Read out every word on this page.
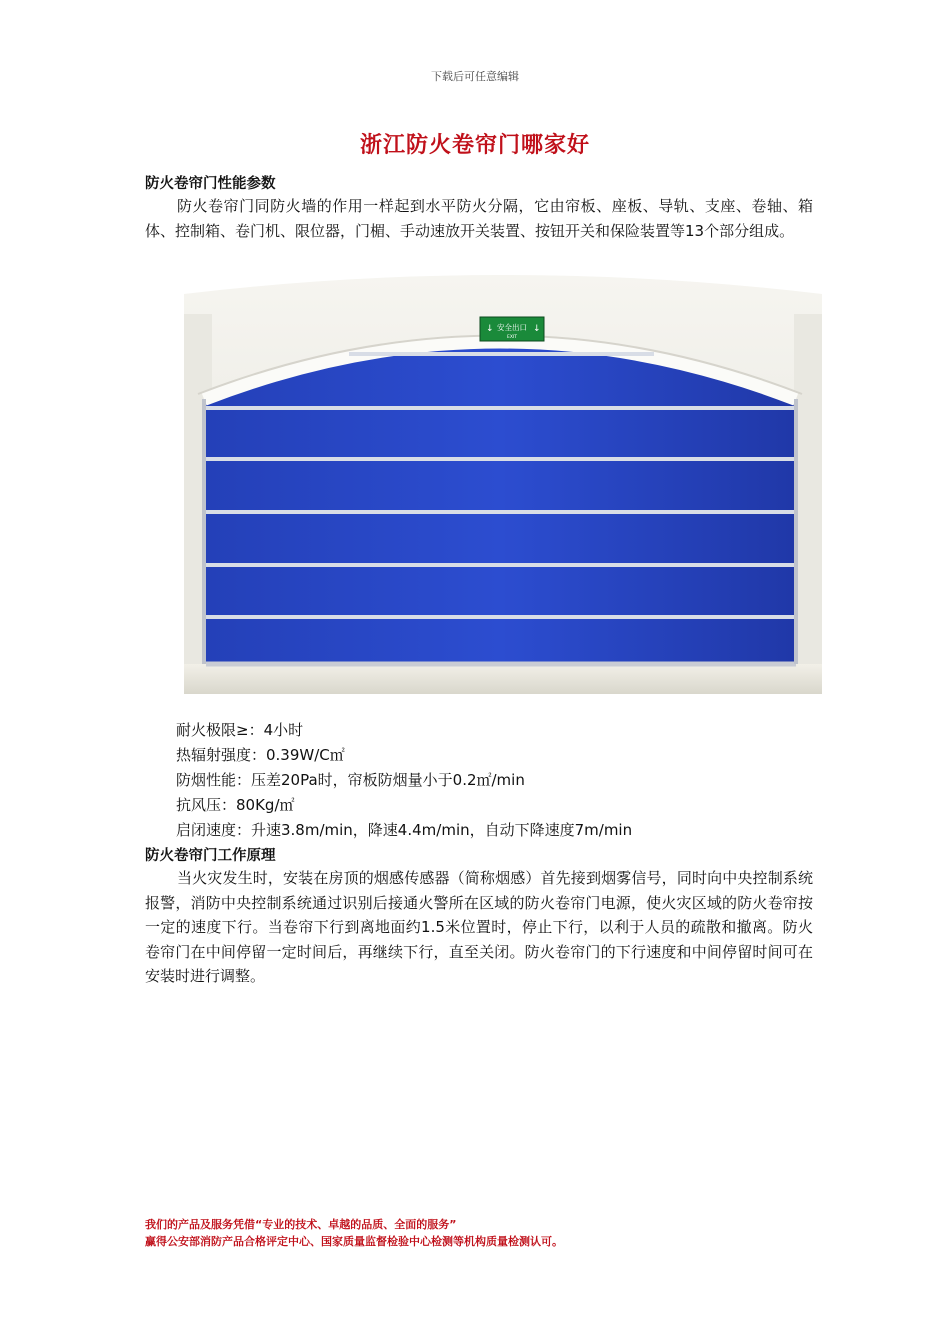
下载后可任意编辑
浙江防火卷帘门哪家好
防火卷帘门性能参数

防火卷帘门同防火墙的作用一样起到水平防火分隔，它由帘板、座板、导轨、支座、卷轴、箱体、控制箱、卷门机、限位器，门楣、手动速放开关装置、按钮开关和保险装置等13个部分组成。

↓	↓
安全出口
EXIT
耐火极限≥：4小时
热辐射强度：0.39W/C㎡
防烟性能：压差20Pa时，帘板防烟量小于0.2㎡/min
抗风压：80Kg/㎡
启闭速度：升速3.8m/min，降速4.4m/min，自动下降速度7m/min
防火卷帘门工作原理

当火灾发生时，安装在房顶的烟感传感器（简称烟感）首先接到烟雾信号，同时向中央控制系统报警，消防中央控制系统通过识别后接通火警所在区域的防火卷帘门电源，使火灾区域的防火卷帘按一定的速度下行。当卷帘下行到离地面约1.5米位置时，停止下行，以利于人员的疏散和撤离。防火卷帘门在中间停留一定时间后，再继续下行，直至关闭。防火卷帘门的下行速度和中间停留时间可在安装时进行调整。

我们的产品及服务凭借“专业的技术、卓越的品质、全面的服务”
赢得公安部消防产品合格评定中心、国家质量监督检验中心检测等机构质量检测认可。
